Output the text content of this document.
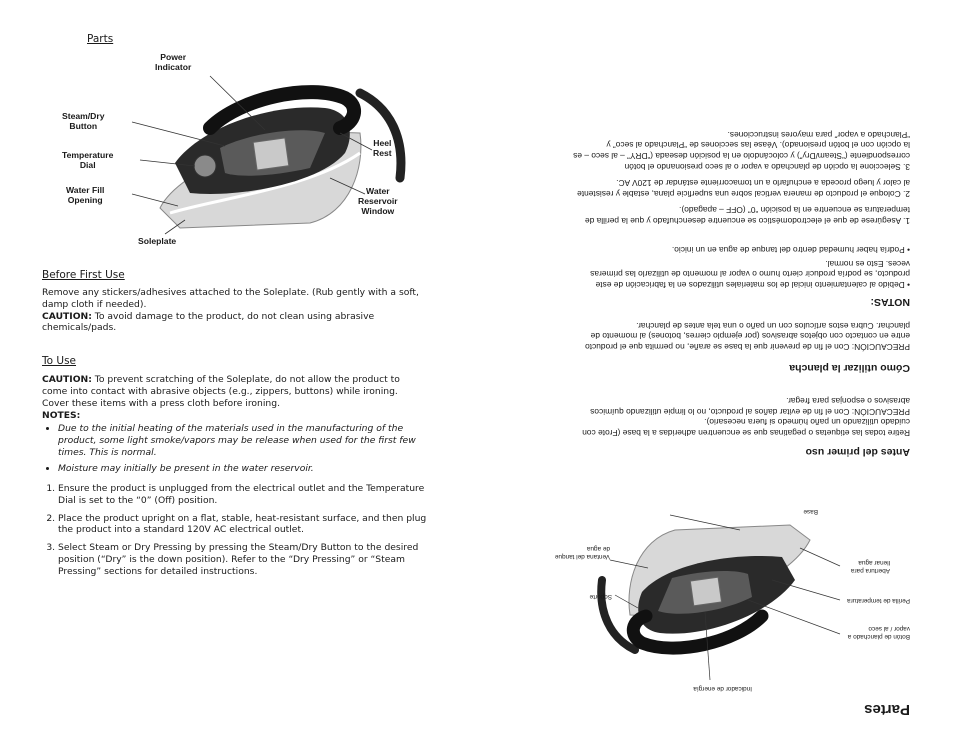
Parts
Power
Indicator
Steam/Dry
Button
Temperature
Dial
Water Fill
Opening
Soleplate
Heel
Rest
Water
Reservoir
Window
Before First Use
Remove any stickers/adhesives attached to the Soleplate. (Rub gently with a soft, damp cloth if needed).
CAUTION: To avoid damage to the product, do not clean using abrasive chemicals/pads.
To Use
CAUTION: To prevent scratching of the Soleplate, do not allow the product to come into contact with abrasive objects (e.g., zippers, buttons) while ironing. Cover these items with a press cloth before ironing.
NOTES:
• Due to the initial heating of the materials used in the manufacturing of the product, some light smoke/vapors may be release when used for the first few times. This is normal.
• Moisture may initially be present in the water reservoir.
1. Ensure the product is unplugged from the electrical outlet and the Temperature Dial is set to the “0” (Off) position.
2. Place the product upright on a flat, stable, heat-resistant surface, and then plug the product into a standard 120V AC electrical outlet.
3. Select Steam or Dry Pressing by pressing the Steam/Dry Button to the desired position (“Dry” is the down position). Refer to the “Dry Pressing” or “Steam Pressing” sections for detailed instructions.
Partes
Indicador de energía
Botón de planchado a
vapor / al seco
Perilla de temperatura
Abertura para
llenar agua
Base
Soporte
Ventana del tanque
de agua
Antes del primer uso
Retire todas las etiquetas o pegatinas que se encuentren adheridas a la base (Frote con cuidado utilizando un paño húmedo si fuera necesario).
PRECAUCIÓN: Con el fin de evitar daños al producto, no lo limpie utilizando químicos abrasivos o esponjas para fregar.
Cómo utilizar la plancha
PRECAUCIÓN: Con el fin de prevenir que la base se arañe, no permita que el producto entre en contacto con objetos abrasivos (por ejemplo cierres, botones) al momento de planchar. Cubra estos artículos con un paño o una tela antes de planchar.
NOTAS:
• Debido al calentamiento inicial de los materiales utilizados en la fabricación de este producto, se podría producir cierto humo o vapor al momento de utilizarlo las primeras veces. Esto es normal.
• Podría haber humedad dentro del tanque de agua en un inicio.
1. Asegúrese de que el electrodoméstico se encuentre desenchufado y que la perilla de temperatura se encuentre en la posición “0” (OFF – apagado).
2. Coloque el producto de manera vertical sobre una superficie plana, estable y resistente al calor y luego proceda a enchufarlo a un tomacorriente estándar de 120V AC.
3. Seleccione la opción de planchado a vapor o al seco presionando el botón correspondiente (“Steam/Dry”) y colocándolo en la posición deseada (“DRY” – al seco – es la opción con el botón presionado). Véase las secciones de “Planchado al seco” y “Planchado a vapor” para mayores instrucciones.
